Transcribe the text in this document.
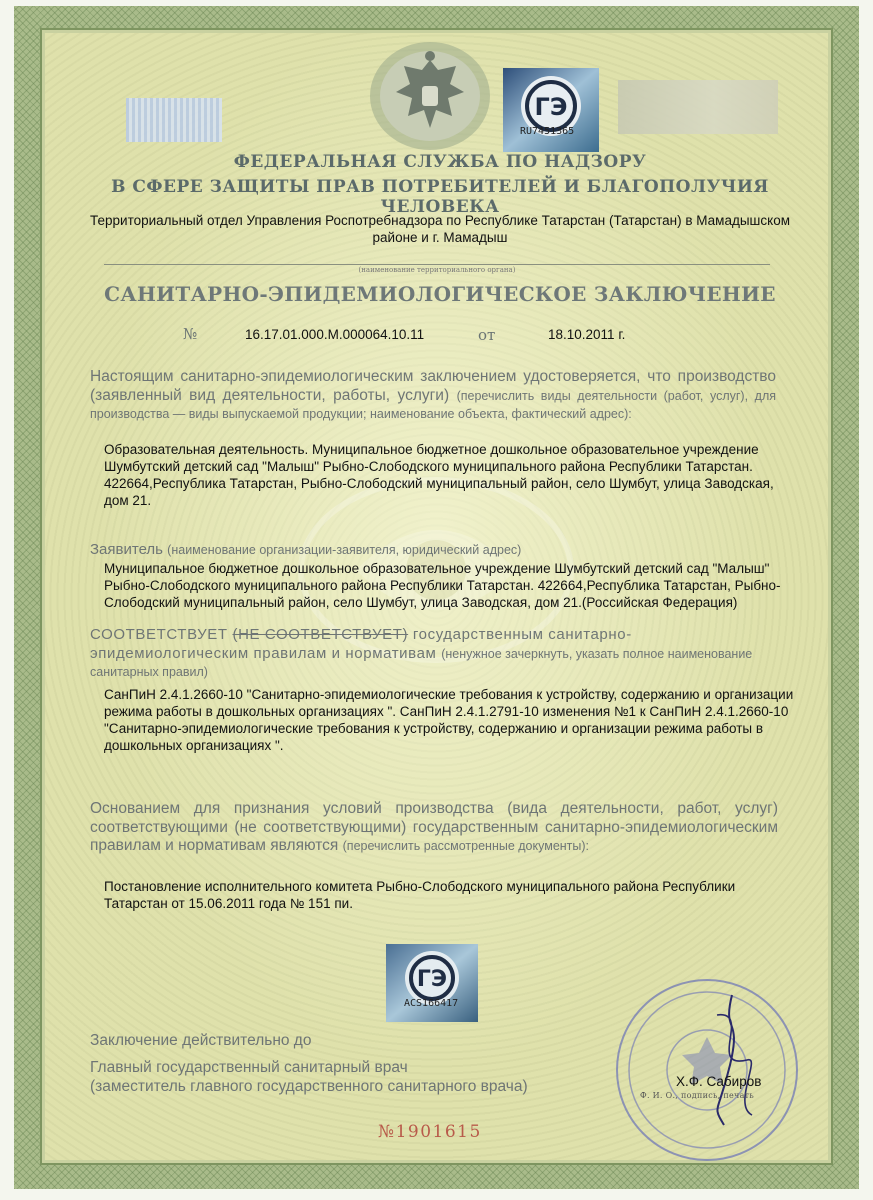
ГЭ
RU7451365
ФЕДЕРАЛЬНАЯ СЛУЖБА ПО НАДЗОРУ
В СФЕРЕ ЗАЩИТЫ ПРАВ ПОТРЕБИТЕЛЕЙ И БЛАГОПОЛУЧИЯ ЧЕЛОВЕКА
Территориальный отдел Управления Роспотребнадзора по Республике Татарстан (Татарстан) в Мамадышском районе и г. Мамадыш
(наименование территориального органа)
САНИТАРНО-ЭПИДЕМИОЛОГИЧЕСКОЕ ЗАКЛЮЧЕНИЕ
№	16.17.01.000.М.000064.10.11	от	18.10.2011 г.
Настоящим санитарно-эпидемиологическим заключением удостоверяется, что производство (заявленный вид деятельности, работы, услуги) (перечислить виды деятельности (работ, услуг), для производства — виды выпускаемой продукции; наименование объекта, фактический адрес):
Образовательная деятельность. Муниципальное бюджетное дошкольное образовательное учреждение Шумбутский детский сад "Малыш" Рыбно-Слободского муниципального района Республики Татарстан. 422664,Республика Татарстан, Рыбно-Слободский муниципальный район, село Шумбут, улица Заводская, дом 21.
Заявитель (наименование организации-заявителя, юридический адрес)
Муниципальное бюджетное дошкольное образовательное учреждение Шумбутский детский сад "Малыш" Рыбно-Слободского муниципального района Республики Татарстан. 422664,Республика Татарстан, Рыбно-Слободский муниципальный район, село Шумбут, улица Заводская, дом 21.(Российская Федерация)
СООТВЕТСТВУЕТ (НЕ СООТВЕТСТВУЕТ) государственным санитарно-эпидемиологическим правилам и нормативам (ненужное зачеркнуть, указать полное наименование санитарных правил)
СанПиН 2.4.1.2660-10 "Санитарно-эпидемиологические требования к устройству, содержанию и организации режима работы в дошкольных организациях ". СанПиН 2.4.1.2791-10 изменения №1 к СанПиН 2.4.1.2660-10 "Санитарно-эпидемиологические требования к устройству, содержанию и организации режима работы в дошкольных организациях ".
Основанием для признания условий производства (вида деятельности, работ, услуг) соответствующими (не соответствующими) государственным санитарно-эпидемиологическим правилам и нормативам являются (перечислить рассмотренные документы):
Постановление исполнительного комитета Рыбно-Слободского муниципального района Республики Татарстан от 15.06.2011 года № 151 пи.
ГЭ
ACS166417
Заключение действительно до
Главный государственный санитарный врач
(заместитель главного государственного санитарного врача)	Х.Ф. Сабиров
Ф. И. О., подпись, печать
№1901615
